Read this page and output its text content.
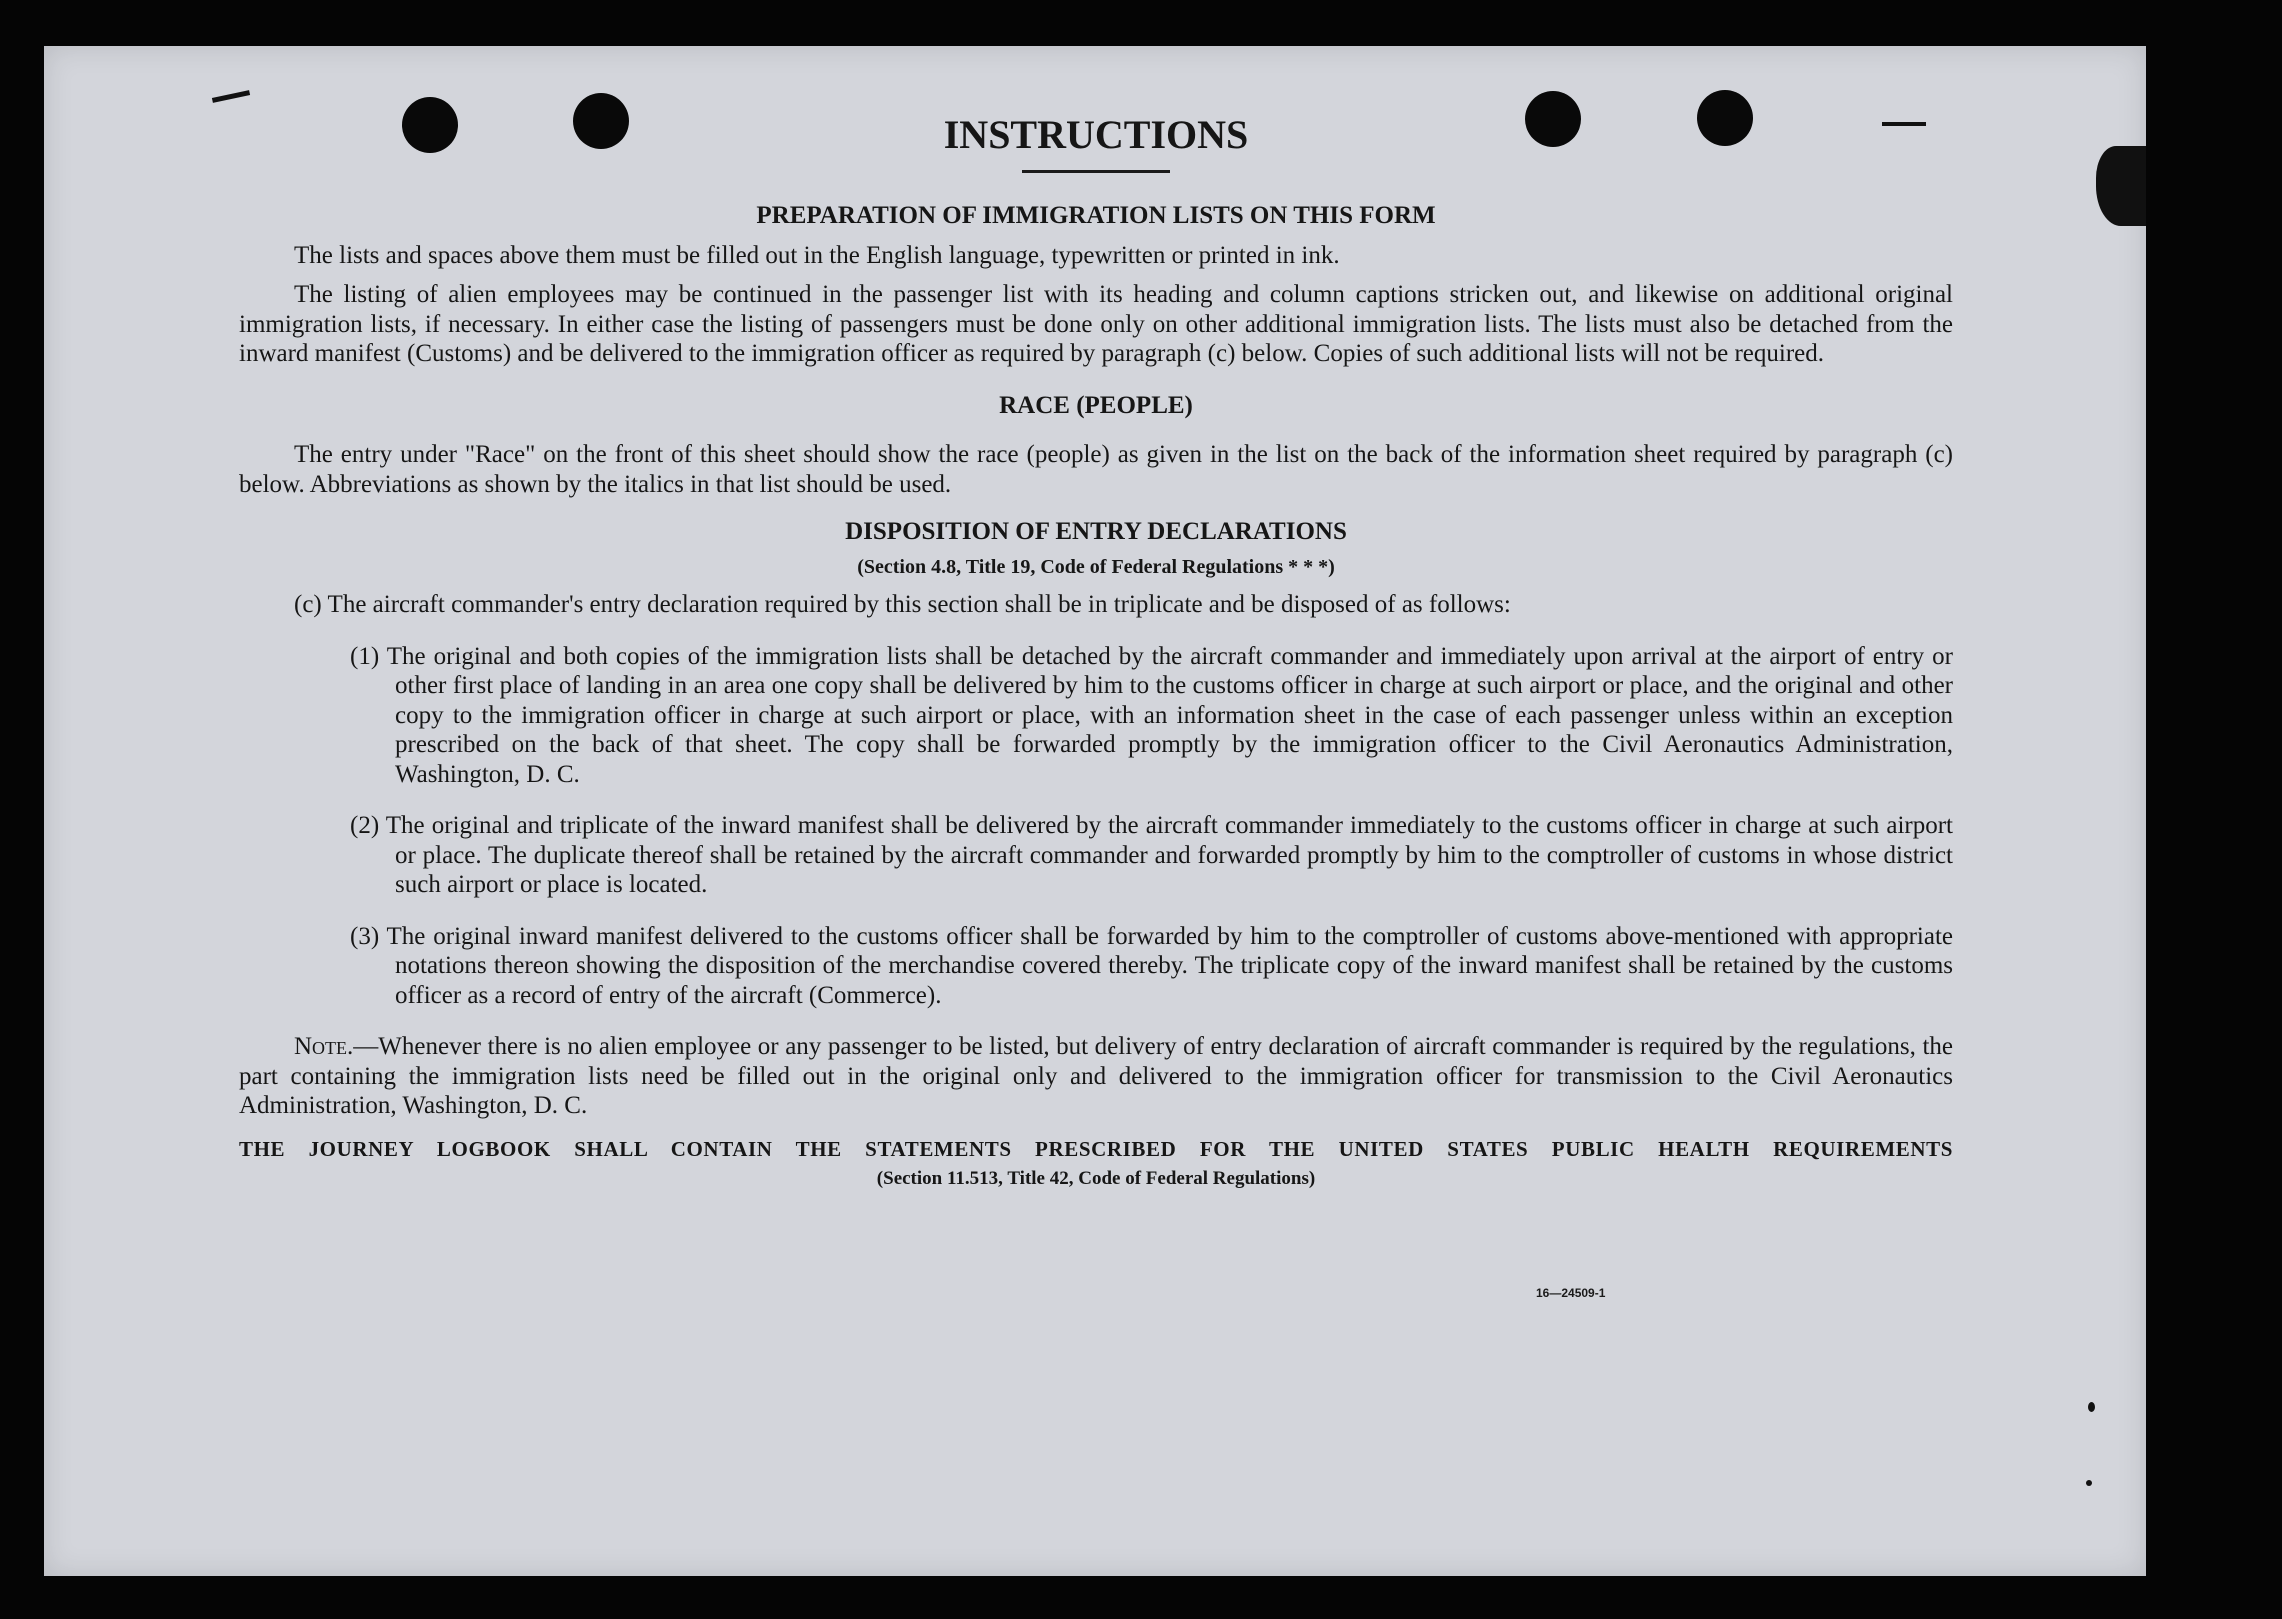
INSTRUCTIONS
PREPARATION OF IMMIGRATION LISTS ON THIS FORM

The lists and spaces above them must be filled out in the English language, typewritten or printed in ink.

The listing of alien employees may be continued in the passenger list with its heading and column captions stricken out, and likewise on additional original immigration lists, if necessary. In either case the listing of passengers must be done only on other additional immigration lists. The lists must also be detached from the inward manifest (Customs) and be delivered to the immigration officer as required by paragraph (c) below. Copies of such additional lists will not be required.

RACE (PEOPLE)

The entry under "Race" on the front of this sheet should show the race (people) as given in the list on the back of the information sheet required by paragraph (c) below. Abbreviations as shown by the italics in that list should be used.

DISPOSITION OF ENTRY DECLARATIONS
(Section 4.8, Title 19, Code of Federal Regulations * * *)

(c) The aircraft commander's entry declaration required by this section shall be in triplicate and be disposed of as follows:

(1) The original and both copies of the immigration lists shall be detached by the aircraft commander and immediately upon arrival at the airport of entry or other first place of landing in an area one copy shall be delivered by him to the customs officer in charge at such airport or place, and the original and other copy to the immigration officer in charge at such airport or place, with an information sheet in the case of each passenger unless within an exception prescribed on the back of that sheet. The copy shall be forwarded promptly by the immigration officer to the Civil Aeronautics Administration, Washington, D. C.

(2) The original and triplicate of the inward manifest shall be delivered by the aircraft commander immediately to the customs officer in charge at such airport or place. The duplicate thereof shall be retained by the aircraft commander and forwarded promptly by him to the comptroller of customs in whose district such airport or place is located.

(3) The original inward manifest delivered to the customs officer shall be forwarded by him to the comptroller of customs above-mentioned with appropriate notations thereon showing the disposition of the merchandise covered thereby. The triplicate copy of the inward manifest shall be retained by the customs officer as a record of entry of the aircraft (Commerce).

Note.—Whenever there is no alien employee or any passenger to be listed, but delivery of entry declaration of aircraft commander is required by the regulations, the part containing the immigration lists need be filled out in the original only and delivered to the immigration officer for transmission to the Civil Aeronautics Administration, Washington, D. C.

THE JOURNEY LOGBOOK SHALL CONTAIN THE STATEMENTS PRESCRIBED FOR THE UNITED STATES PUBLIC HEALTH REQUIREMENTS

(Section 11.513, Title 42, Code of Federal Regulations)

16—24509-1
